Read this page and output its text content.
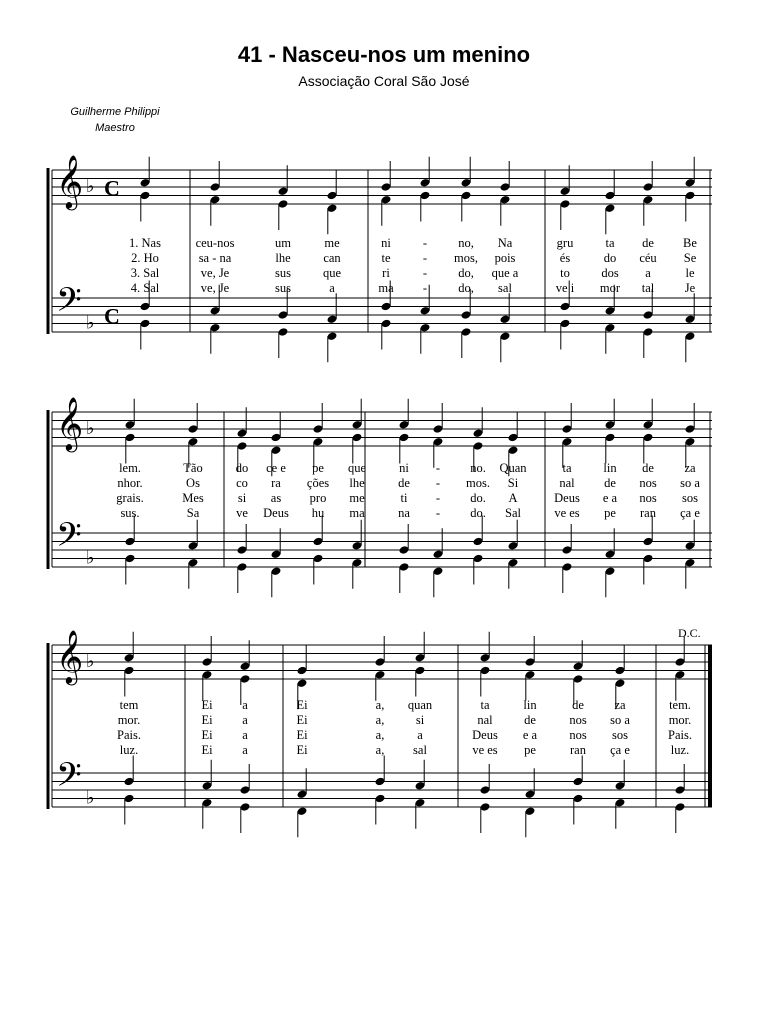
41 - Nasceu-nos um menino
Associação Coral São José
Guilherme Philippi
Maestro
D.C.
𝄞
𝄢
♭
♭
C
C
1. Nas	ceu-nos	um	me	ni	- no, Na	gru	ta de Be
2. Ho	sa - na	lhe	can	te	- mos, pois	és	do céu Se
3. Sal	ve, Je	sus	que	ri	- do, que a	to	dos a	le
4. Sal	ve, Je	sus	a	ma - do, sal	ve i mor tal Je
𝄞
𝄢
♭
♭
lem.	Tão	do ce e pe que	ni - no. Quan	ta	lin de za
nhor.	Os	co ra ções lhe	de - mos. Si	nal de nos so a
grais.	Mes	si as pro me	ti - do. A	Deus e a nos sos
sus.	Sa	ve Deus hu ma	na - do. Sal	ve es pe ran ça e
𝄞
𝄢
♭
♭
tem	Ei a	Ei	a, quan	ta	lin	de za	tem.
mor.	Ei a	Ei	a,	si	nal	de	nos so a	mor.
Pais.	Ei a	Ei	a,	a	Deus e a	nos sos	Pais.
luz.	Ei a	Ei	a, sal	ve es pe	ran ça e	luz.
